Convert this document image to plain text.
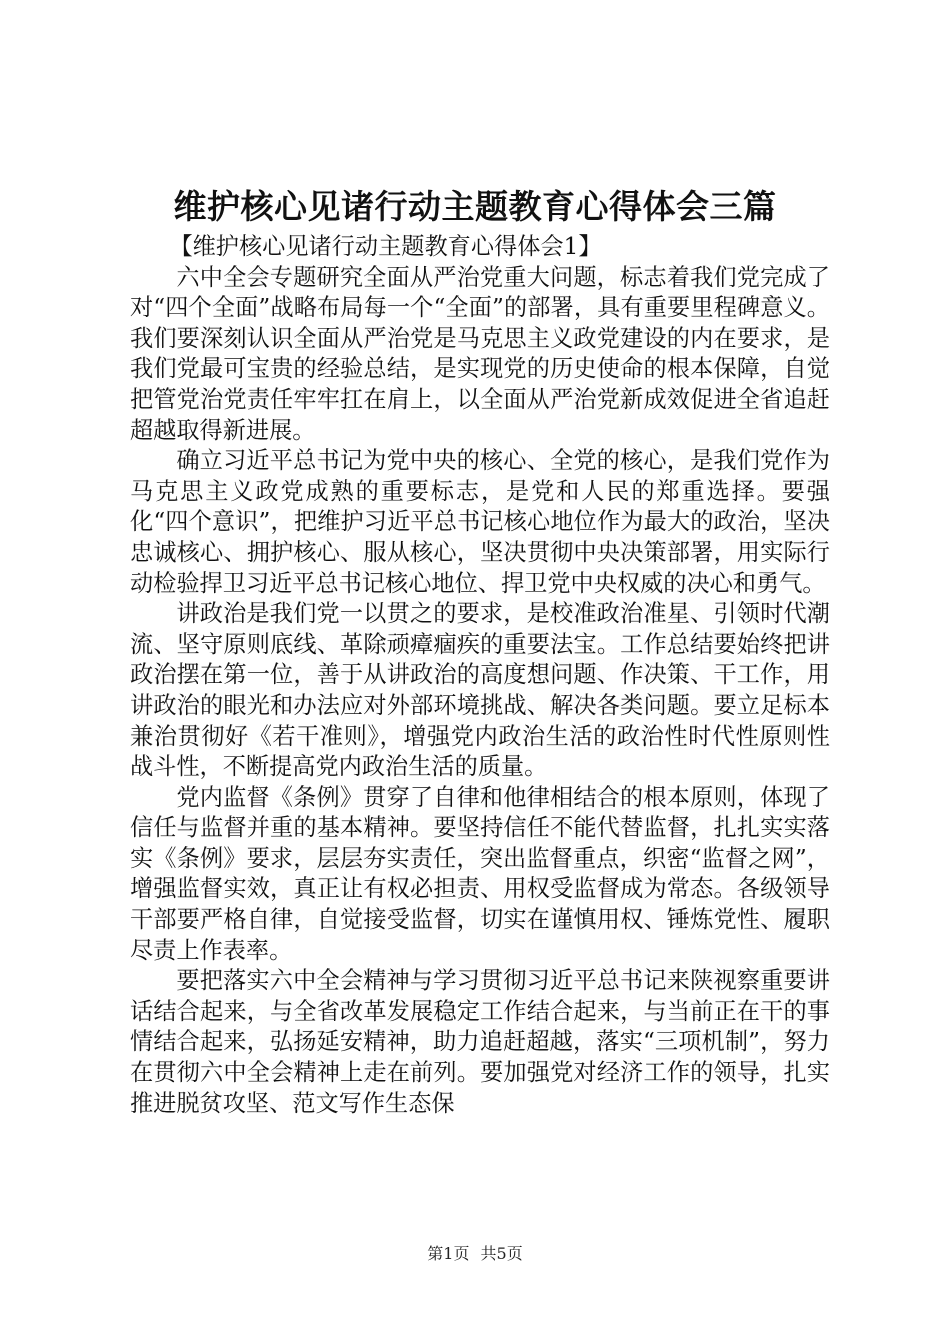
维护核心见诸行动主题教育心得体会三篇

【维护核心见诸行动主题教育心得体会1】

六中全会专题研究全面从严治党重大问题，标志着我们党完成了对“四个全面”战略布局每一个“全面”的部署，具有重要里程碑意义。我们要深刻认识全面从严治党是马克思主义政党建设的内在要求，是我们党最可宝贵的经验总结，是实现党的历史使命的根本保障，自觉把管党治党责任牢牢扛在肩上，以全面从严治党新成效促进全省追赶超越取得新进展。

确立习近平总书记为党中央的核心、全党的核心，是我们党作为马克思主义政党成熟的重要标志，是党和人民的郑重选择。要强化“四个意识”，把维护习近平总书记核心地位作为最大的政治，坚决忠诚核心、拥护核心、服从核心，坚决贯彻中央决策部署，用实际行动检验捍卫习近平总书记核心地位、捍卫党中央权威的决心和勇气。

讲政治是我们党一以贯之的要求，是校准政治准星、引领时代潮流、坚守原则底线、革除顽瘴痼疾的重要法宝。工作总结要始终把讲政治摆在第一位，善于从讲政治的高度想问题、作决策、干工作，用讲政治的眼光和办法应对外部环境挑战、解决各类问题。要立足标本兼治贯彻好《若干准则》，增强党内政治生活的政治性时代性原则性战斗性，不断提高党内政治生活的质量。

党内监督《条例》贯穿了自律和他律相结合的根本原则，体现了信任与监督并重的基本精神。要坚持信任不能代替监督，扎扎实实落实《条例》要求，层层夯实责任，突出监督重点，织密“监督之网”，增强监督实效，真正让有权必担责、用权受监督成为常态。各级领导干部要严格自律，自觉接受监督，切实在谨慎用权、锤炼党性、履职尽责上作表率。

要把落实六中全会精神与学习贯彻习近平总书记来陕视察重要讲话结合起来，与全省改革发展稳定工作结合起来，与当前正在干的事情结合起来，弘扬延安精神，助力追赶超越，落实“三项机制”，努力在贯彻六中全会精神上走在前列。要加强党对经济工作的领导，扎实推进脱贫攻坚、范文写作生态保

第1页 共5页
